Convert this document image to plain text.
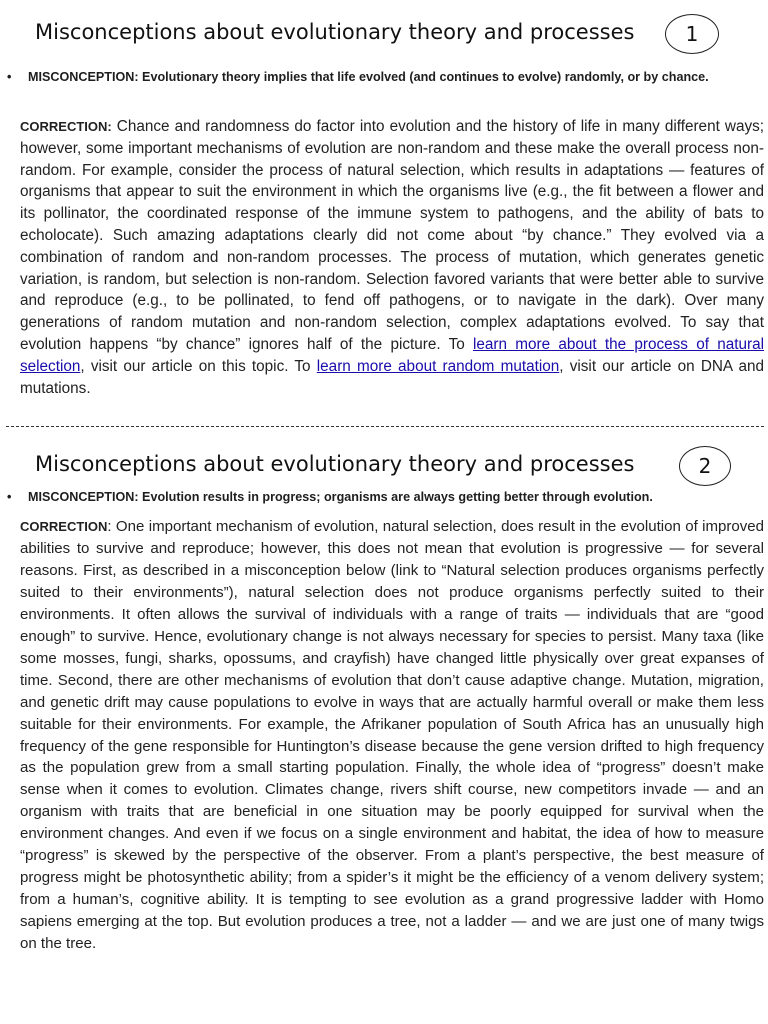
Misconceptions about evolutionary theory and processes	1
•	MISCONCEPTION: Evolutionary theory implies that life evolved (and continues to evolve) randomly, or by chance.
CORRECTION: Chance and randomness do factor into evolution and the history of life in many different ways; however, some important mechanisms of evolution are non-random and these make the overall process non-random. For example, consider the process of natural selection, which results in adaptations — features of organisms that appear to suit the environment in which the organisms live (e.g., the fit between a flower and its pollinator, the coordinated response of the immune system to pathogens, and the ability of bats to echolocate). Such amazing adaptations clearly did not come about “by chance.” They evolved via a combination of random and non-random processes. The process of mutation, which generates genetic variation, is random, but selection is non-random. Selection favored variants that were better able to survive and reproduce (e.g., to be pollinated, to fend off pathogens, or to navigate in the dark). Over many generations of random mutation and non-random selection, complex adaptations evolved. To say that evolution happens “by chance” ignores half of the picture. To learn more about the process of natural selection, visit our article on this topic. To learn more about random mutation, visit our article on DNA and mutations.
Misconceptions about evolutionary theory and processes	2
•	MISCONCEPTION: Evolution results in progress; organisms are always getting better through evolution.
CORRECTION: One important mechanism of evolution, natural selection, does result in the evolution of improved abilities to survive and reproduce; however, this does not mean that evolution is progressive — for several reasons. First, as described in a misconception below (link to “Natural selection produces organisms perfectly suited to their environments”), natural selection does not produce organisms perfectly suited to their environments. It often allows the survival of individuals with a range of traits — individuals that are “good enough” to survive. Hence, evolutionary change is not always necessary for species to persist. Many taxa (like some mosses, fungi, sharks, opossums, and crayfish) have changed little physically over great expanses of time. Second, there are other mechanisms of evolution that don’t cause adaptive change. Mutation, migration, and genetic drift may cause populations to evolve in ways that are actually harmful overall or make them less suitable for their environments. For example, the Afrikaner population of South Africa has an unusually high frequency of the gene responsible for Huntington’s disease because the gene version drifted to high frequency as the population grew from a small starting population. Finally, the whole idea of “progress” doesn’t make sense when it comes to evolution. Climates change, rivers shift course, new competitors invade — and an organism with traits that are beneficial in one situation may be poorly equipped for survival when the environment changes. And even if we focus on a single environment and habitat, the idea of how to measure “progress” is skewed by the perspective of the observer. From a plant’s perspective, the best measure of progress might be photosynthetic ability; from a spider’s it might be the efficiency of a venom delivery system; from a human’s, cognitive ability. It is tempting to see evolution as a grand progressive ladder with Homo sapiens emerging at the top. But evolution produces a tree, not a ladder — and we are just one of many twigs on the tree.
